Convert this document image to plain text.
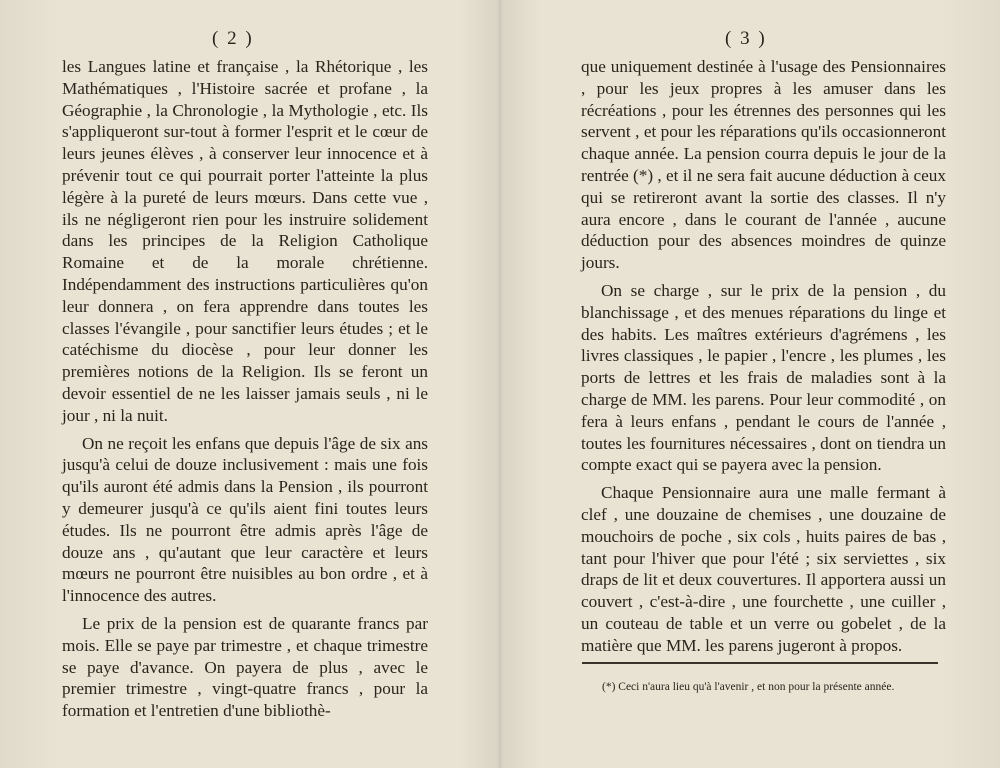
( 2 )

les Langues latine et française , la Rhétorique , les Mathématiques , l'Histoire sacrée et profane , la Géographie , la Chronologie , la Mythologie , etc. Ils s'appliqueront sur-tout à former l'esprit et le cœur de leurs jeunes élèves , à conserver leur innocence et à prévenir tout ce qui pourrait porter l'atteinte la plus légère à la pureté de leurs mœurs. Dans cette vue , ils ne négligeront rien pour les instruire solidement dans les principes de la Religion Catholique Romaine et de la morale chrétienne. Indépendamment des instructions particulières qu'on leur donnera , on fera apprendre dans toutes les classes l'évangile , pour sanctifier leurs études ; et le catéchisme du diocèse , pour leur donner les premières notions de la Religion. Ils se feront un devoir essentiel de ne les laisser jamais seuls , ni le jour , ni la nuit.

On ne reçoit les enfans que depuis l'âge de six ans jusqu'à celui de douze inclusivement : mais une fois qu'ils auront été admis dans la Pension , ils pourront y demeurer jusqu'à ce qu'ils aient fini toutes leurs études. Ils ne pourront être admis après l'âge de douze ans , qu'autant que leur caractère et leurs mœurs ne pourront être nuisibles au bon ordre , et à l'innocence des autres.

Le prix de la pension est de quarante francs par mois. Elle se paye par trimestre , et chaque trimestre se paye d'avance. On payera de plus , avec le premier trimestre , vingt-quatre francs , pour la formation et l'entretien d'une bibliothè-

( 3 )

que uniquement destinée à l'usage des Pensionnaires , pour les jeux propres à les amuser dans les récréations , pour les étrennes des personnes qui les servent , et pour les réparations qu'ils occasionneront chaque année. La pension courra depuis le jour de la rentrée (*) , et il ne sera fait aucune déduction à ceux qui se retireront avant la sortie des classes. Il n'y aura encore , dans le courant de l'année , aucune déduction pour des absences moindres de quinze jours.

On se charge , sur le prix de la pension , du blanchissage , et des menues réparations du linge et des habits. Les maîtres extérieurs d'agrémens , les livres classiques , le papier , l'encre , les plumes , les ports de lettres et les frais de maladies sont à la charge de MM. les parens. Pour leur commodité , on fera à leurs enfans , pendant le cours de l'année , toutes les fournitures nécessaires , dont on tiendra un compte exact qui se payera avec la pension.

Chaque Pensionnaire aura une malle fermant à clef , une douzaine de chemises , une douzaine de mouchoirs de poche , six cols , huits paires de bas , tant pour l'hiver que pour l'été ; six serviettes , six draps de lit et deux couvertures. Il apportera aussi un couvert , c'est-à-dire , une fourchette , une cuiller , un couteau de table et un verre ou gobelet , de la matière que MM. les parens jugeront à propos.

(*) Ceci n'aura lieu qu'à l'avenir , et non pour la présente année.
